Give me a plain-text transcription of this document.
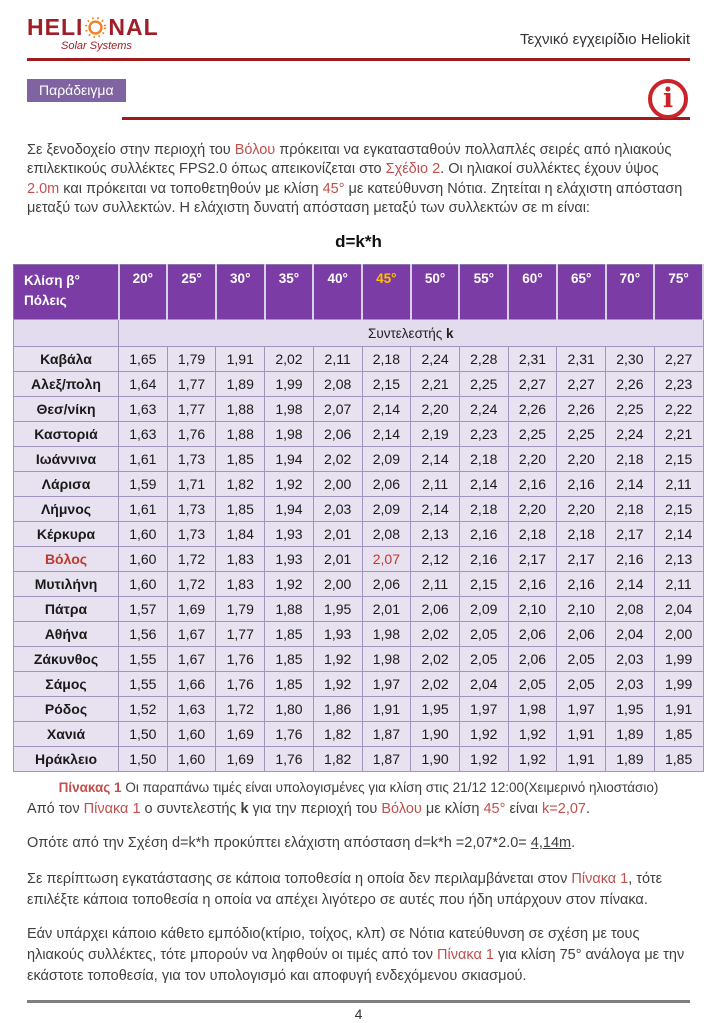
HELI NAL
Solar Systems	Τεχνικό εγχειρίδιο Heliokit
Παράδειγμα	i

Σε ξενοδοχείο στην περιοχή του Βόλου πρόκειται να εγκατασταθούν πολλαπλές σειρές από ηλιακούς επιλεκτικούς συλλέκτες FPS2.0 όπως απεικονίζεται στο Σχέδιο 2. Οι ηλιακοί συλλέκτες έχουν ύψος 2.0m και πρόκειται να τοποθετηθούν με κλίση 45° με κατεύθυνση Νότια. Ζητείται η ελάχιστη απόσταση μεταξύ των συλλεκτών. Η ελάχιστη δυνατή απόσταση μεταξύ των συλλεκτών σε m είναι:

d=k*h
Κλίση β°
Πόλεις	20°	25°	30°	35°	40°	45°	50°	55°	60°	65°	70°	75°
	Συντελεστής k											
Καβάλα	1,65	1,79	1,91	2,02	2,11	2,18	2,24	2,28	2,31	2,31	2,30	2,27
Αλεξ/πολη	1,64	1,77	1,89	1,99	2,08	2,15	2,21	2,25	2,27	2,27	2,26	2,23
Θεσ/νίκη	1,63	1,77	1,88	1,98	2,07	2,14	2,20	2,24	2,26	2,26	2,25	2,22
Καστοριά	1,63	1,76	1,88	1,98	2,06	2,14	2,19	2,23	2,25	2,25	2,24	2,21
Ιωάννινα	1,61	1,73	1,85	1,94	2,02	2,09	2,14	2,18	2,20	2,20	2,18	2,15
Λάρισα	1,59	1,71	1,82	1,92	2,00	2,06	2,11	2,14	2,16	2,16	2,14	2,11
Λήμνος	1,61	1,73	1,85	1,94	2,03	2,09	2,14	2,18	2,20	2,20	2,18	2,15
Κέρκυρα	1,60	1,73	1,84	1,93	2,01	2,08	2,13	2,16	2,18	2,18	2,17	2,14
Βόλος	1,60	1,72	1,83	1,93	2,01	2,07	2,12	2,16	2,17	2,17	2,16	2,13
Μυτιλήνη	1,60	1,72	1,83	1,92	2,00	2,06	2,11	2,15	2,16	2,16	2,14	2,11
Πάτρα	1,57	1,69	1,79	1,88	1,95	2,01	2,06	2,09	2,10	2,10	2,08	2,04
Αθήνα	1,56	1,67	1,77	1,85	1,93	1,98	2,02	2,05	2,06	2,06	2,04	2,00
Ζάκυνθος	1,55	1,67	1,76	1,85	1,92	1,98	2,02	2,05	2,06	2,05	2,03	1,99
Σάμος	1,55	1,66	1,76	1,85	1,92	1,97	2,02	2,04	2,05	2,05	2,03	1,99
Ρόδος	1,52	1,63	1,72	1,80	1,86	1,91	1,95	1,97	1,98	1,97	1,95	1,91
Χανιά	1,50	1,60	1,69	1,76	1,82	1,87	1,90	1,92	1,92	1,91	1,89	1,85
Ηράκλειο	1,50	1,60	1,69	1,76	1,82	1,87	1,90	1,92	1,92	1,91	1,89	1,85
Πίνακας 1 Οι παραπάνω τιμές είναι υπολογισμένες για κλίση στις 21/12 12:00(Χειμερινό ηλιοστάσιο)

Από τον Πίνακα 1 ο συντελεστής k για την περιοχή του Βόλου με κλίση 45° είναι k=2,07.

Οπότε από την Σχέση d=k*h προκύπτει ελάχιστη απόσταση d=k*h =2,07*2.0= 4,14m.

Σε περίπτωση εγκατάστασης σε κάποια τοποθεσία η οποία δεν περιλαμβάνεται στον Πίνακα 1, τότε επιλέξτε κάποια τοποθεσία η οποία να απέχει λιγότερο σε αυτές που ήδη υπάρχουν στον πίνακα.

Εάν υπάρχει κάποιο κάθετο εμπόδιο(κτίριο, τοίχος, κλπ) σε Νότια κατεύθυνση σε σχέση με τους ηλιακούς συλλέκτες, τότε μπορούν να ληφθούν οι τιμές από τον Πίνακα 1 για κλίση 75° ανάλογα με την εκάστοτε τοποθεσία, για τον υπολογισμό και αποφυγή ενδεχόμενου σκιασμού.

4
